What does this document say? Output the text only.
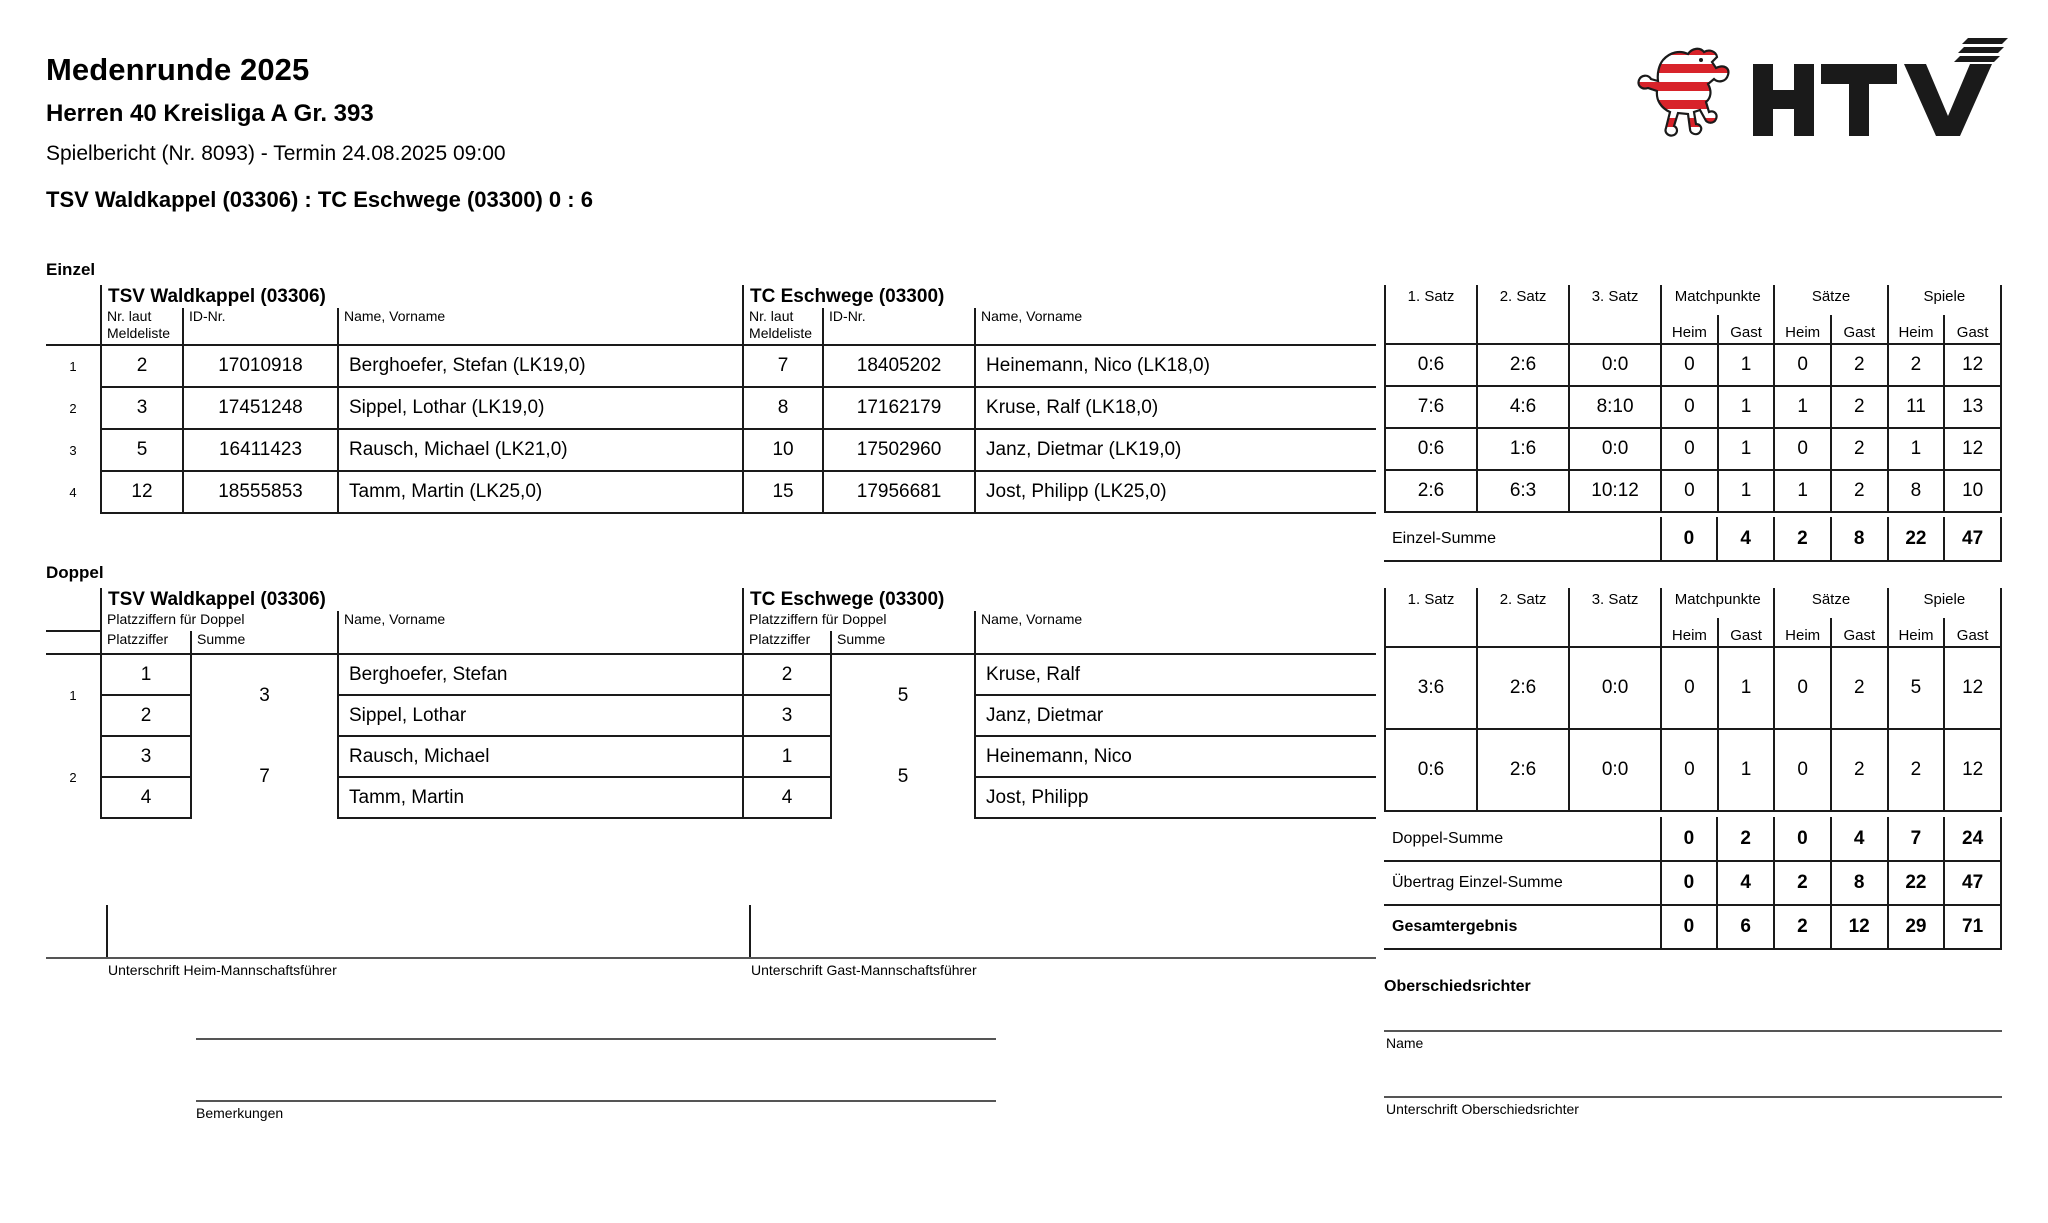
Medenrunde 2025
Herren 40 Kreisliga A Gr. 393
Spielbericht (Nr. 8093) - Termin 24.08.2025 09:00
TSV Waldkappel (03306) : TC Eschwege (03300) 0 : 6
Einzel
	TSV Waldkappel (03306)			TC Eschwege (03300)		
	Nr. laut
Meldeliste	ID-Nr.	Name, Vorname	Nr. laut
Meldeliste	ID-Nr.	Name, Vorname
1	2	17010918	Berghoefer, Stefan (LK19,0)	7	18405202	Heinemann, Nico (LK18,0)
2	3	17451248	Sippel, Lothar (LK19,0)	8	17162179	Kruse, Ralf (LK18,0)
3	5	16411423	Rausch, Michael (LK21,0)	10	17502960	Janz, Dietmar (LK19,0)
4	12	18555853	Tamm, Martin (LK25,0)	15	17956681	Jost, Philipp (LK25,0)
1. Satz	2. Satz	3. Satz	Matchpunkte		Sätze		Spiele	
			Heim	Gast	Heim	Gast	Heim	Gast
0:6	2:6	0:0	0	1	0	2	2	12
7:6	4:6	8:10	0	1	1	2	11	13
0:6	1:6	0:0	0	1	0	2	1	12
2:6	6:3	10:12	0	1	1	2	8	10
Einzel-Summe	0	4	2	8	22	47
Doppel
	TSV Waldkappel (03306)			TC Eschwege (03300)		
	Platzziffern für Doppel		Name, Vorname	Platzziffern für Doppel		Name, Vorname
	Platzziffer	Summe		Platzziffer	Summe	
1	1	3	Berghoefer, Stefan	2	5	Kruse, Ralf
	2		Sippel, Lothar	3		Janz, Dietmar
2	3	7	Rausch, Michael	1	5	Heinemann, Nico
	4		Tamm, Martin	4		Jost, Philipp
1. Satz	2. Satz	3. Satz	Matchpunkte		Sätze		Spiele	
			Heim	Gast	Heim	Gast	Heim	Gast
3:6	2:6	0:0	0	1	0	2	5	12
0:6	2:6	0:0	0	1	0	2	2	12
Doppel-Summe	0	2	0	4	7	24
Übertrag Einzel-Summe	0	4	2	8	22	47
Gesamtergebnis	0	6	2	12	29	71
Unterschrift Heim-Mannschaftsführer	Unterschrift Gast-Mannschaftsführer
Bemerkungen
Oberschiedsrichter
Name
Unterschrift Oberschiedsrichter
